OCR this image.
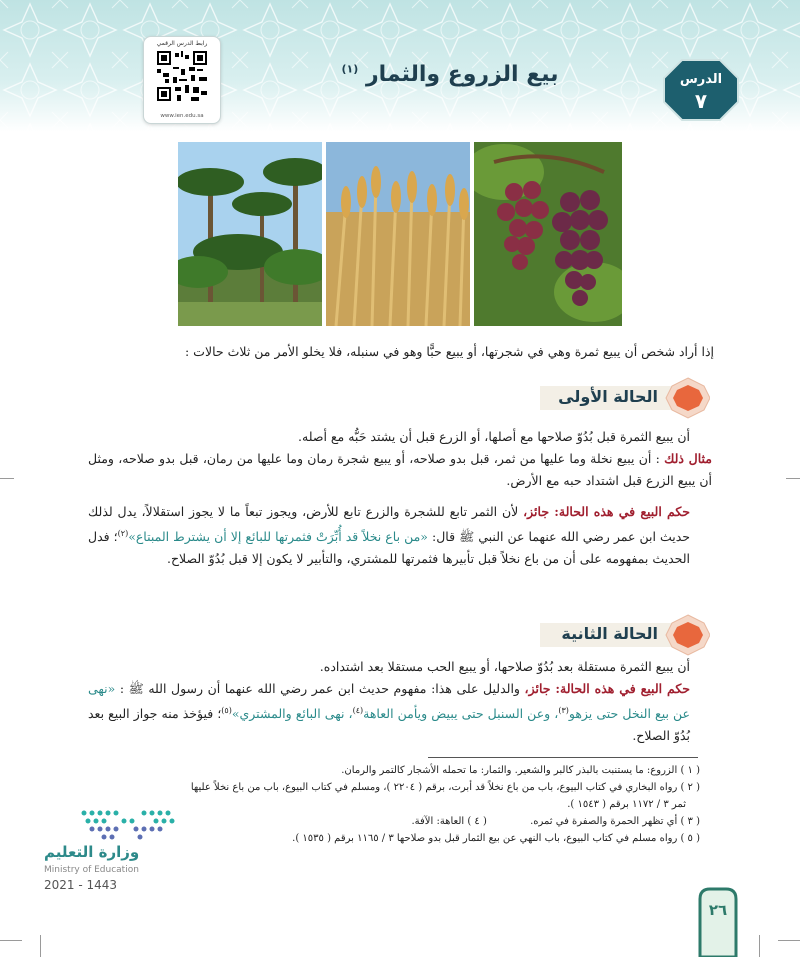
رابط الدرس الرقمي
www.ien.edu.sa
بيع الزروع والثمار $^{(١)}$
الدرس
٧

إذا أراد شخص أن يبيع ثمرة وهي في شجرتها، أو يبيع حبًّا وهو في سنبله، فلا يخلو الأمر من ثلاث حالات :

الحالة الأولى

أن يبيع الثمرة قبل بُدُوّ صلاحها مع أصلها، أو الزرع قبل أن يشتد حَبُّه مع أصله.

مثال ذلك : أن يبيع نخلة وما عليها من ثمر، قبل بدو صلاحه، أو يبيع شجرة رمان وما عليها من رمان، قبل بدو صلاحه، ومثل أن يبيع الزرع قبل اشتداد حبه مع الأرض.

حكم البيع في هذه الحالة: جائز، لأن الثمر تابع للشجرة والزرع تابع للأرض، ويجوز تبعاً ما لا يجوز استقلالاً، يدل لذلك حديث ابن عمر رضي الله عنهما عن النبي ﷺ قال: «من باع نخلاً قد أُبِّرَتْ فثمرتها للبائع إلا أن يشترط المبتاع»$^{(٢)}$؛ فدل الحديث بمفهومه على أن من باع نخلاً قبل تأبيرها فثمرتها للمشتري، والتأبير لا يكون إلا قبل بُدُوّ الصلاح.

الحالة الثانية

أن يبيع الثمرة مستقلة بعد بُدُوّ صلاحها، أو يبيع الحب مستقلا بعد اشتداده.

حكم البيع في هذه الحالة: جائز، والدليل على هذا: مفهوم حديث ابن عمر رضي الله عنهما أن رسول الله ﷺ : «نهى عن بيع النخل حتى يزهو$^{(٣)}$، وعن السنبل حتى يبيض ويأمن العاهة$^{(٤)}$، نهى البائع والمشتري»$^{(٥)}$؛ فيؤخذ منه جواز البيع بعد بُدُوّ الصلاح.

( ١ ) الزروع: ما يستنبت بالبذر كالبر والشعير. والثمار: ما تحمله الأشجار كالتمر والرمان.
( ٢ ) رواه البخاري في كتاب البيوع، باب من باع نخلاً قد أبرت، برقم ( ٢٢٠٤ )، ومسلم في كتاب البيوع، باب من باع نخلاً عليها
ثمر ٣ / ١١٧٢ برقم ( ١٥٤٣ ).
( ٣ ) أي تظهر الحمرة والصفرة في ثمره. ( ٤ ) العاهة: الآفة.
( ٥ ) رواه مسلم في كتاب البيوع، باب النهي عن بيع الثمار قبل بدو صلاحها ٣ / ١١٦٥ برقم ( ١٥٣٥ ).
وزارة التعليم
Ministry of Education
2021 - 1443
٢٦
